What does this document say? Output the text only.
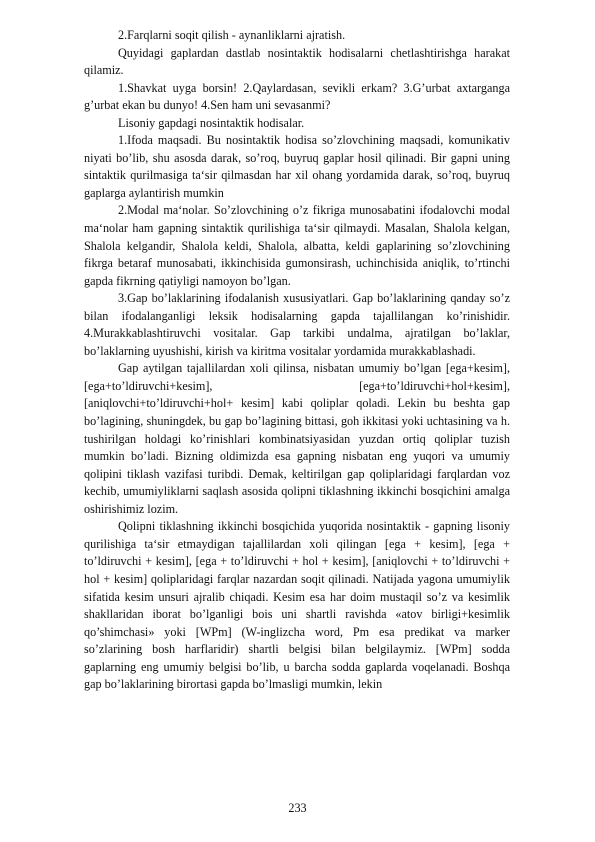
2.Farqlarni soqit qilish - aynanliklarni ajratish.

Quyidagi gaplardan dastlab nosintaktik hodisalarni chetlashtirishga harakat qilamiz.

1.Shavkat uyga borsin! 2.Qaylardasan, sevikli erkam? 3.G’urbat axtarganga g’urbat ekan bu dunyo! 4.Sen ham uni sevasanmi?

Lisoniy gapdagi nosintaktik hodisalar.

1.Ifoda maqsadi. Bu nosintaktik hodisa so’zlovchining maqsadi, komunikativ niyati bo’lib, shu asosda darak, so’roq, buyruq gaplar hosil qilinadi. Bir gapni uning sintaktik qurilmasiga ta‘sir qilmasdan har xil ohang yordamida darak, so’roq, buyruq gaplarga aylantirish mumkin

2.Modal ma‘nolar. So’zlovchining o’z fikriga munosabatini ifodalovchi modal ma‘nolar ham gapning sintaktik qurilishiga ta‘sir qilmaydi. Masalan, Shalola kelgan, Shalola kelgandir, Shalola keldi, Shalola, albatta, keldi gaplarining so’zlovchining fikrga betaraf munosabati, ikkinchisida gumonsirash, uchinchisida aniqlik, to’rtinchi gapda fikrning qatiyligi namoyon bo’lgan.

3.Gap bo’laklarining ifodalanish xususiyatlari. Gap bo’laklarining qanday so’z bilan ifodalanganligi leksik hodisalarning gapda tajallilangan ko’rinishidir. 4.Murakkablashtiruvchi vositalar. Gap tarkibi undalma, ajratilgan bo’laklar, bo’laklarning uyushishi, kirish va kiritma vositalar yordamida murakkablashadi.

Gap aytilgan tajallilardan xoli qilinsa, nisbatan umumiy bo’lgan [ega+kesim], [ega+to’ldiruvchi+kesim], [ega+to’ldiruvchi+hol+kesim], [aniqlovchi+to’ldiruvchi+hol+ kesim] kabi qoliplar qoladi. Lekin bu beshta gap bo’lagining, shuningdek, bu gap bo’lagining bittasi, goh ikkitasi yoki uchtasining va h. tushirilgan holdagi ko’rinishlari kombinatsiyasidan yuzdan ortiq qoliplar tuzish mumkin bo’ladi. Bizning oldimizda esa gapning nisbatan eng yuqori va umumiy qolipini tiklash vazifasi turibdi. Demak, keltirilgan gap qoliplaridagi farqlardan voz kechib, umumiyliklarni saqlash asosida qolipni tiklashning ikkinchi bosqichini amalga oshirishimiz lozim.

Qolipni tiklashning ikkinchi bosqichida yuqorida nosintaktik - gapning lisoniy qurilishiga ta‘sir etmaydigan tajallilardan xoli qilingan [ega + kesim], [ega + to’ldiruvchi + kesim], [ega + to’ldiruvchi + hol + kesim], [aniqlovchi + to’ldiruvchi + hol + kesim] qoliplaridagi farqlar nazardan soqit qilinadi. Natijada yagona umumiylik sifatida kesim unsuri ajralib chiqadi. Kesim esa har doim mustaqil so’z va kesimlik shakllaridan iborat bo’lganligi bois uni shartli ravishda «atov birligi+kesimlik qo’shimchasi» yoki [WPm] (W-inglizcha word, Pm esa predikat va marker so’zlarining bosh harflaridir) shartli belgisi bilan belgilaymiz. [WPm] sodda gaplarning eng umumiy belgisi bo’lib, u barcha sodda gaplarda voqelanadi. Boshqa gap bo’laklarining birortasi gapda bo’lmasligi mumkin, lekin

233
